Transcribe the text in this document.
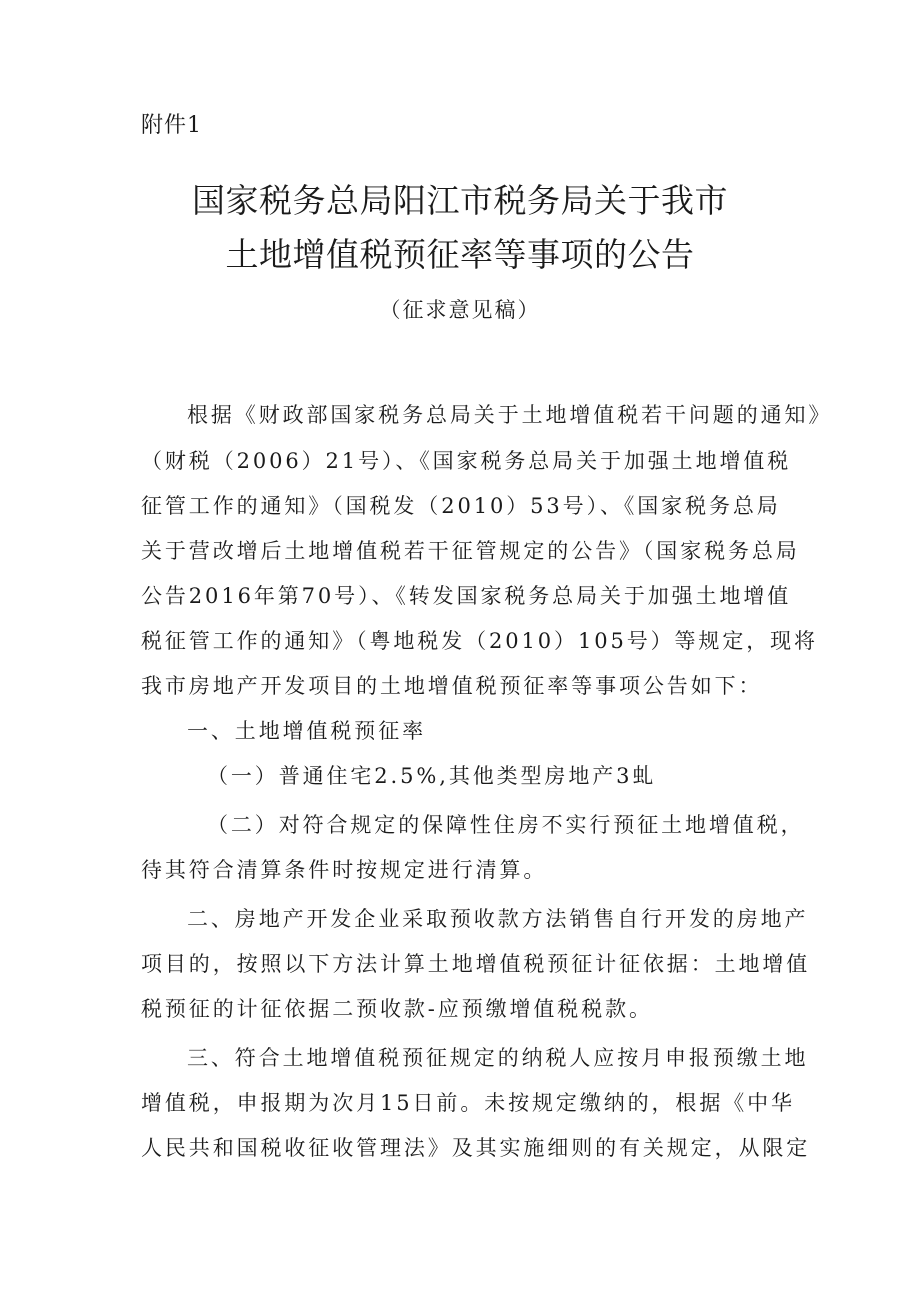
附件1
国家税务总局阳江市税务局关于我市
土地增值税预征率等事项的公告
（征求意见稿）
根据《财政部国家税务总局关于土地增值税若干问题的通知》
（财税（2006）21号）、《国家税务总局关于加强土地增值税
征管工作的通知》（国税发（2010）53号）、《国家税务总局
关于营改增后土地增值税若干征管规定的公告》（国家税务总局
公告2016年第70号）、《转发国家税务总局关于加强土地增值
税征管工作的通知》（粤地税发（2010）105号）等规定，现将
我市房地产开发项目的土地增值税预征率等事项公告如下：
一、土地增值税预征率
（一）普通住宅2.5%,其他类型房地产3虬
（二）对符合规定的保障性住房不实行预征土地增值税，
待其符合清算条件时按规定进行清算。
二、房地产开发企业采取预收款方法销售自行开发的房地产
项目的，按照以下方法计算土地增值税预征计征依据：土地增值
税预征的计征依据二预收款-应预缴增值税税款。
三、符合土地增值税预征规定的纳税人应按月申报预缴土地
增值税，申报期为次月15日前。未按规定缴纳的，根据《中华
人民共和国税收征收管理法》及其实施细则的有关规定，从限定
